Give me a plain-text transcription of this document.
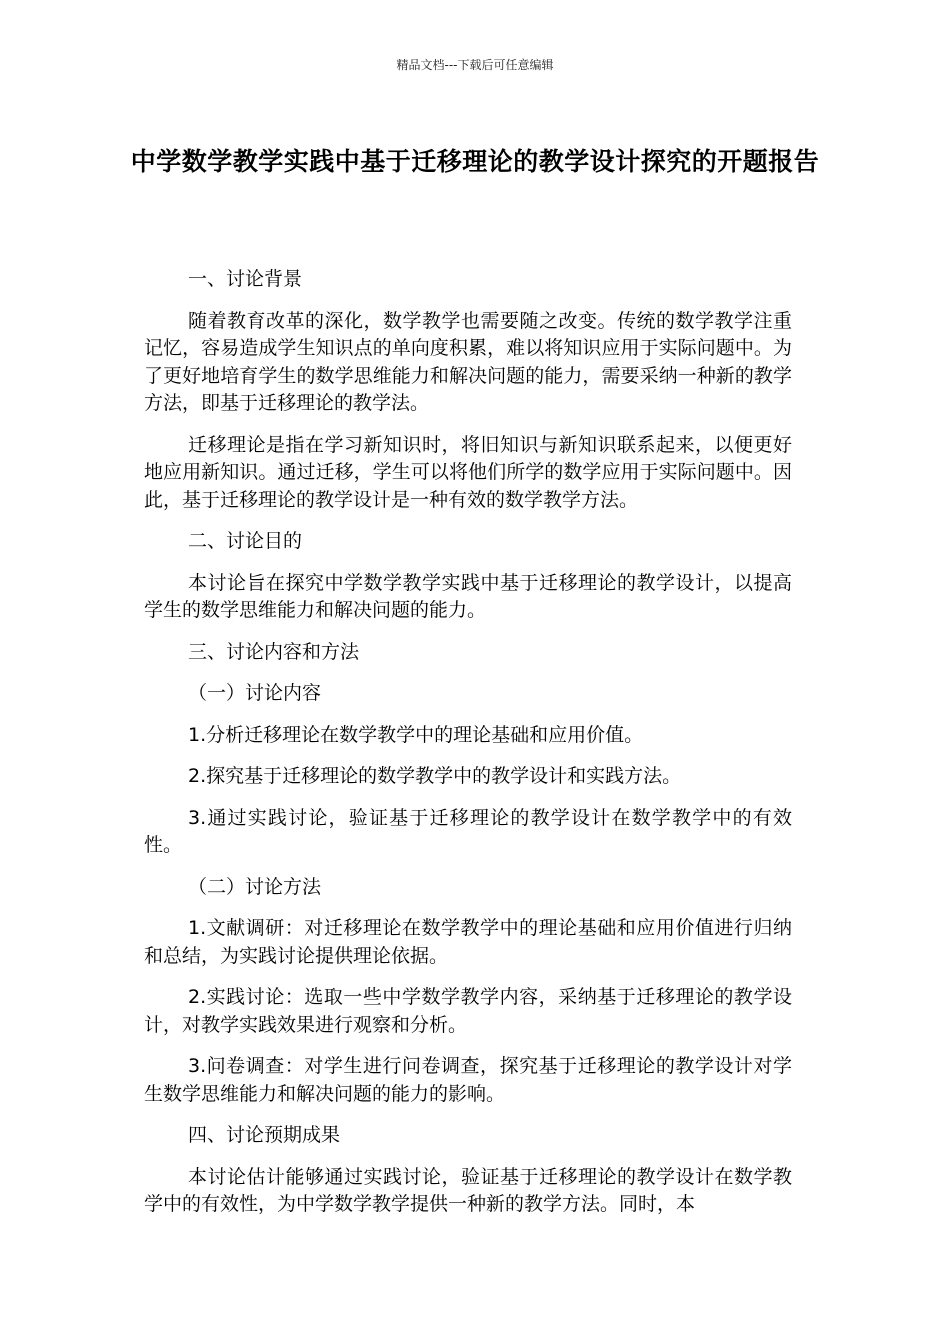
精品文档---下载后可任意编辑
中学数学教学实践中基于迁移理论的教学设计探究的开题报告

一、讨论背景

随着教育改革的深化，数学教学也需要随之改变。传统的数学教学注重记忆，容易造成学生知识点的单向度积累，难以将知识应用于实际问题中。为了更好地培育学生的数学思维能力和解决问题的能力，需要采纳一种新的教学方法，即基于迁移理论的教学法。

迁移理论是指在学习新知识时，将旧知识与新知识联系起来，以便更好地应用新知识。通过迁移，学生可以将他们所学的数学应用于实际问题中。因此，基于迁移理论的教学设计是一种有效的数学教学方法。

二、讨论目的

本讨论旨在探究中学数学教学实践中基于迁移理论的教学设计，以提高学生的数学思维能力和解决问题的能力。

三、讨论内容和方法

（一）讨论内容

1.分析迁移理论在数学教学中的理论基础和应用价值。

2.探究基于迁移理论的数学教学中的教学设计和实践方法。

3.通过实践讨论，验证基于迁移理论的教学设计在数学教学中的有效性。

（二）讨论方法

1.文献调研：对迁移理论在数学教学中的理论基础和应用价值进行归纳和总结，为实践讨论提供理论依据。

2.实践讨论：选取一些中学数学教学内容，采纳基于迁移理论的教学设计，对教学实践效果进行观察和分析。

3.问卷调查：对学生进行问卷调查，探究基于迁移理论的教学设计对学生数学思维能力和解决问题的能力的影响。

四、讨论预期成果

本讨论估计能够通过实践讨论，验证基于迁移理论的教学设计在数学教学中的有效性，为中学数学教学提供一种新的教学方法。同时，本
